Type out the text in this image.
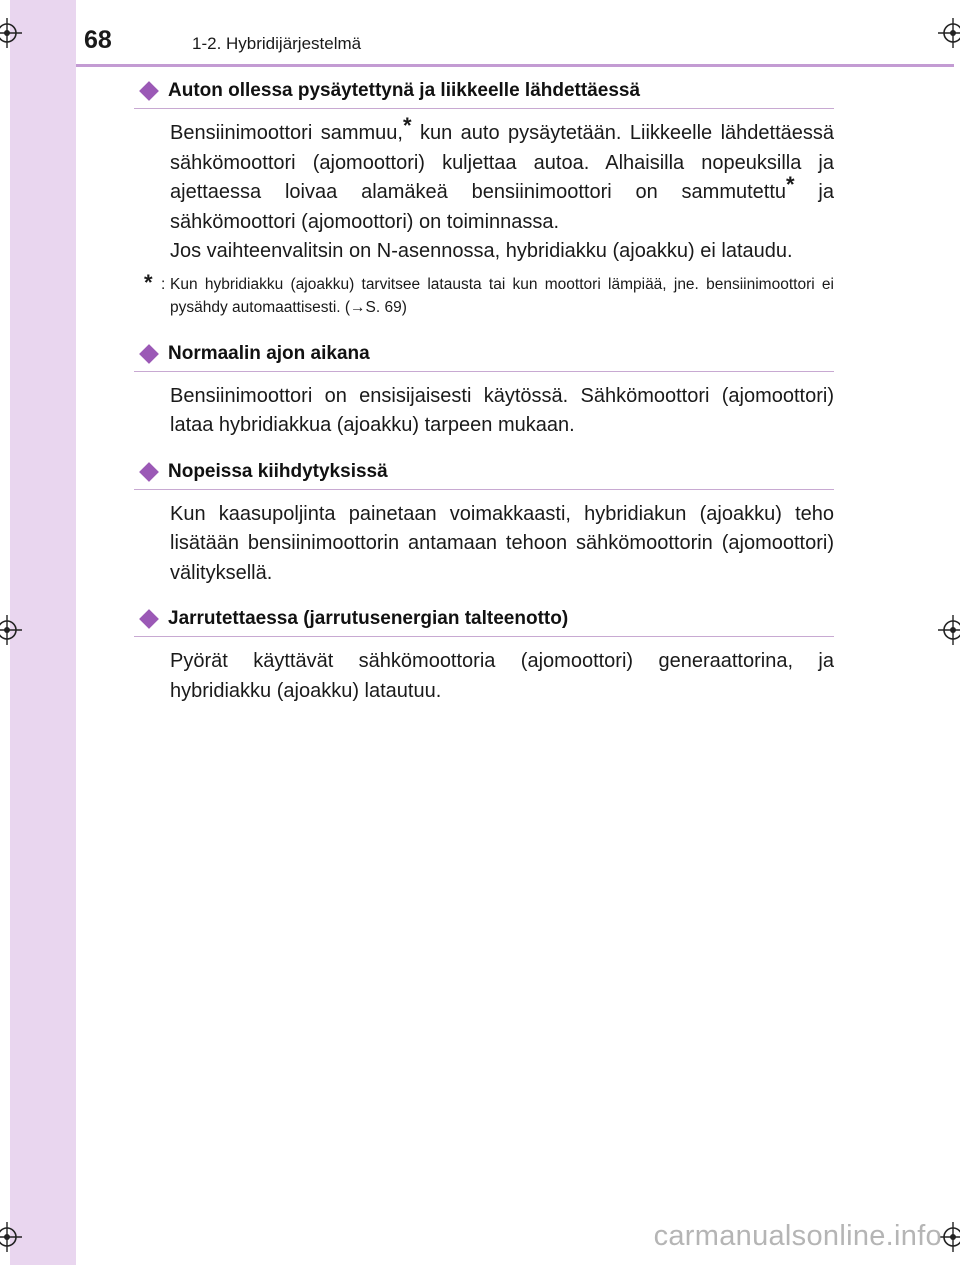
68	1-2. Hybridijärjestelmä
Auton ollessa pysäytettynä ja liikkeelle lähdettäessä

Bensiinimoottori sammuu,* kun auto pysäytetään. Liikkeelle lähdettäessä sähkömoottori (ajomoottori) kuljettaa autoa. Alhaisilla nopeuksilla ja ajettaessa loivaa alamäkeä bensiinimoottori on sammutettu* ja sähkömoottori (ajomoottori) on toiminnassa.
Jos vaihteenvalitsin on N-asennossa, hybridiakku (ajoakku) ei lataudu.

* : Kun hybridiakku (ajoakku) tarvitsee latausta tai kun moottori lämpiää, jne. bensiinimoottori ei pysähdy automaattisesti. (→S. 69)
Normaalin ajon aikana

Bensiinimoottori on ensisijaisesti käytössä. Sähkömoottori (ajomoottori) lataa hybridiakkua (ajoakku) tarpeen mukaan.

Nopeissa kiihdytyksissä

Kun kaasupoljinta painetaan voimakkaasti, hybridiakun (ajoakku) teho lisätään bensiinimoottorin antamaan tehoon sähkömoottorin (ajomoottori) välityksellä.

Jarrutettaessa (jarrutusenergian talteenotto)

Pyörät käyttävät sähkömoottoria (ajomoottori) generaattorina, ja hybridiakku (ajoakku) latautuu.

carmanualsonline.info
